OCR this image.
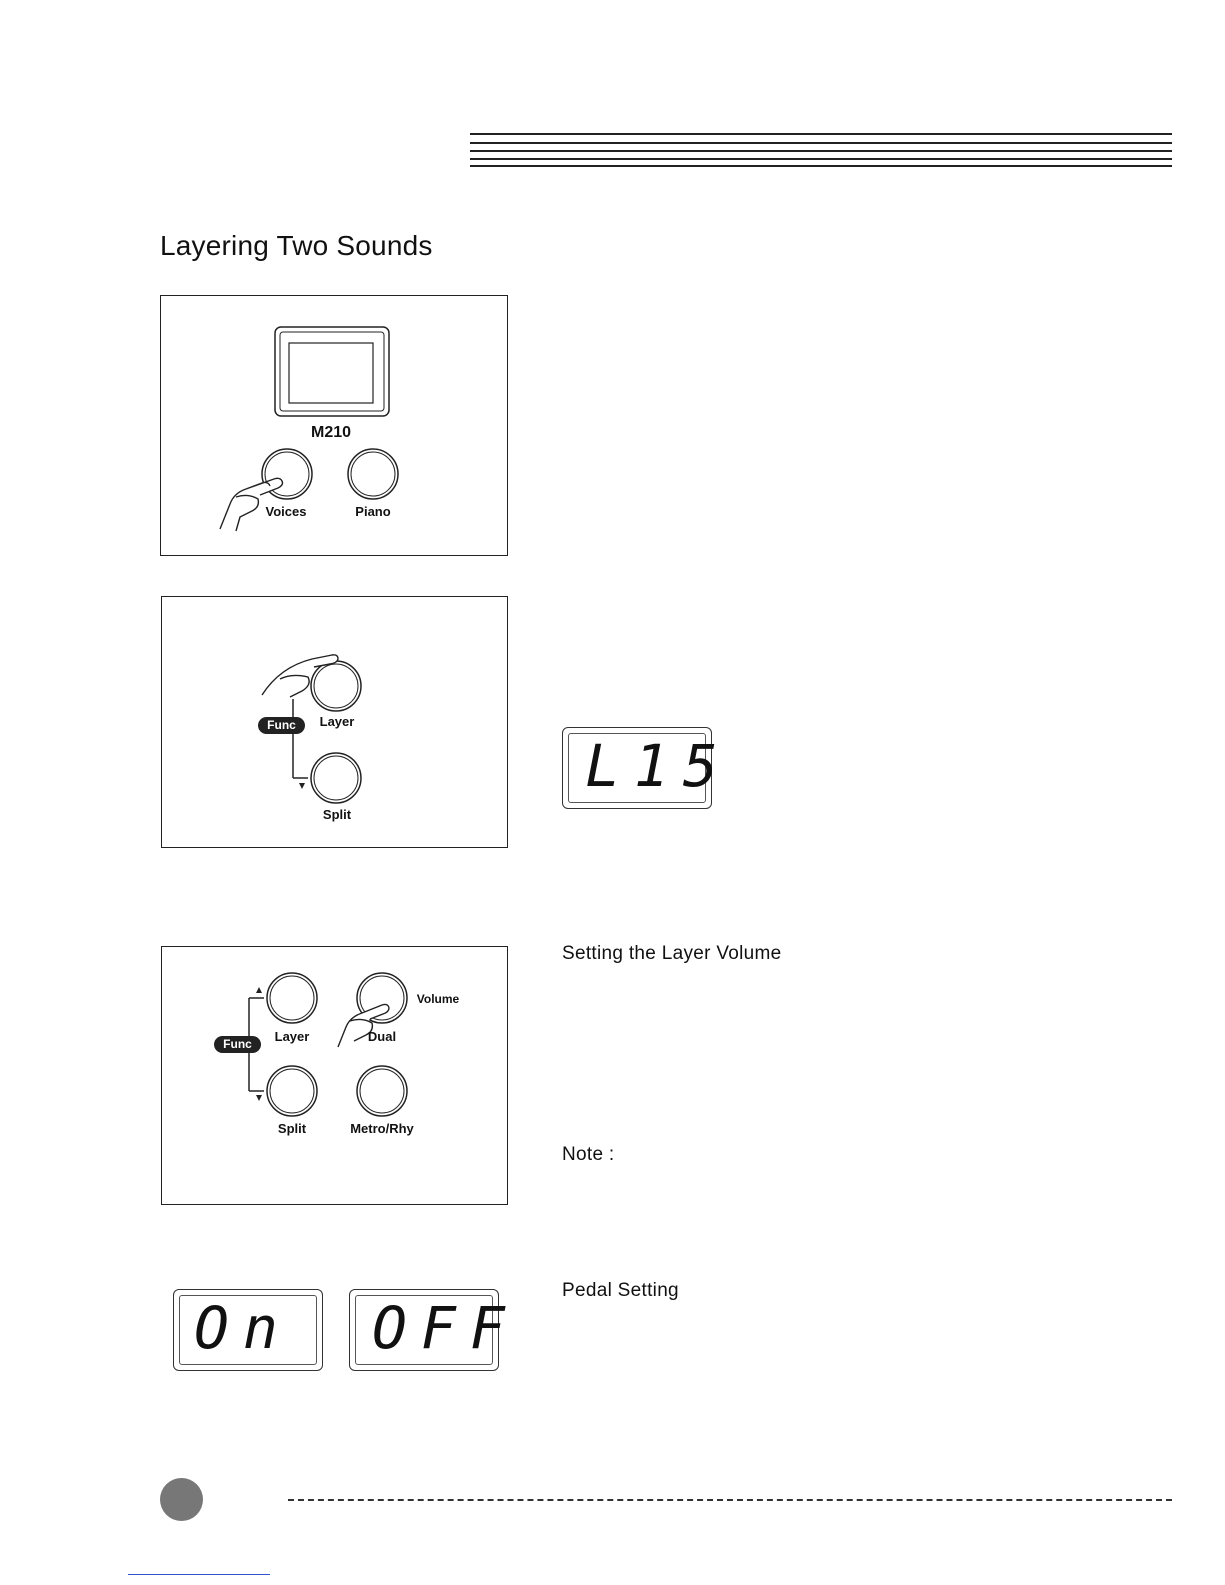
Layering Two Sounds
M210
Voices	Piano
Func	Layer
Split
L15
Setting the Layer Volume
Func
Volume
Layer	Dual
Split	Metro/Rhy
Note :
Pedal Setting
On OFF
